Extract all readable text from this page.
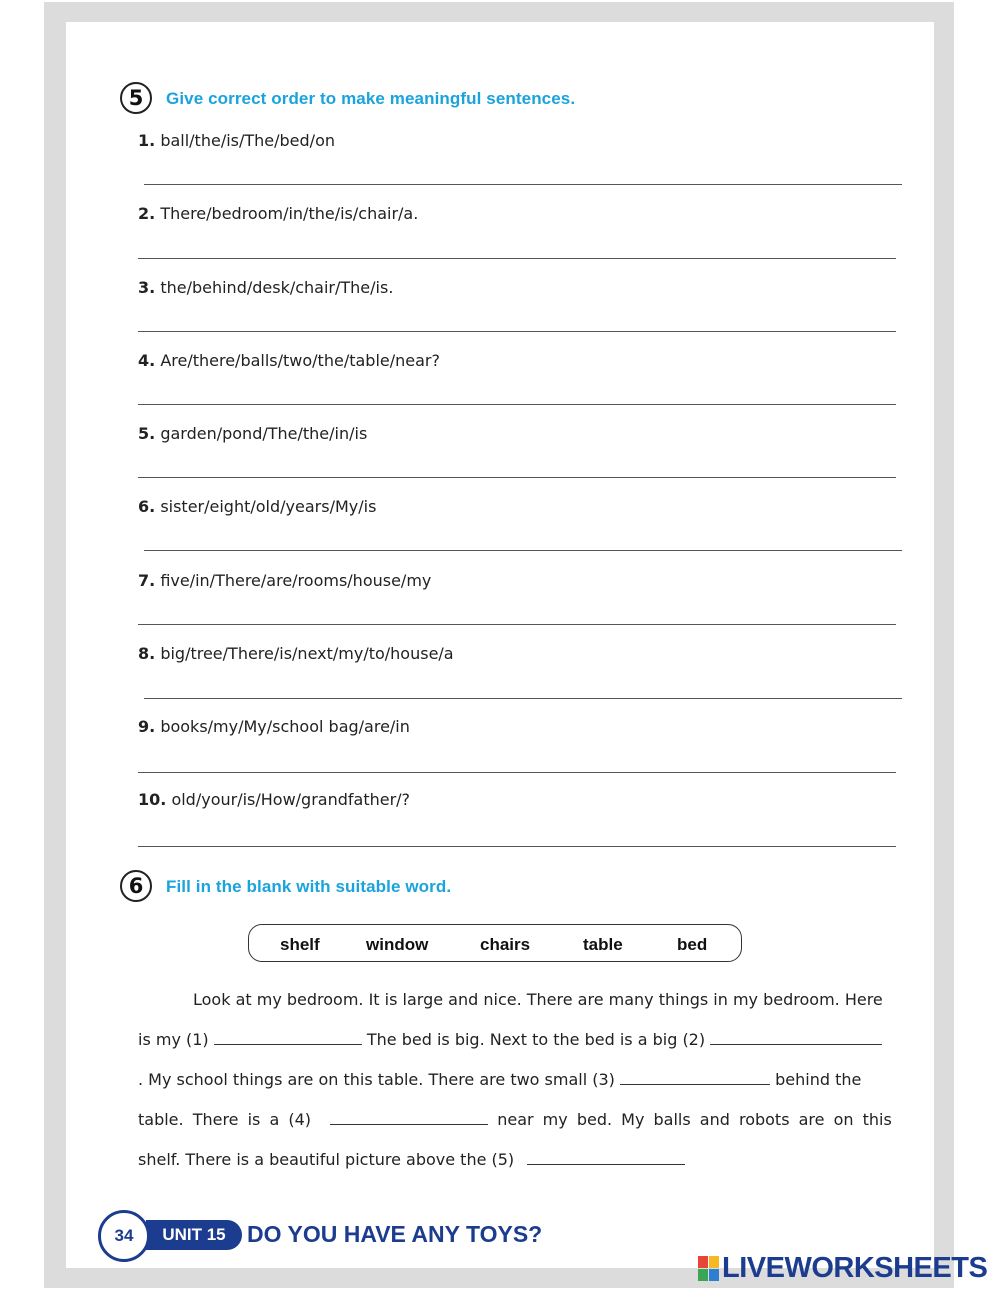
5	Give correct order to make meaningful sentences.
1. ball/the/is/The/bed/on
2. There/bedroom/in/the/is/chair/a.
3. the/behind/desk/chair/The/is.
4. Are/there/balls/two/the/table/near?
5. garden/pond/The/the/in/is
6. sister/eight/old/years/My/is
7. five/in/There/are/rooms/house/my
8. big/tree/There/is/next/my/to/house/a
9. books/my/My/school bag/are/in
10. old/your/is/How/grandfather/?
6	Fill in the blank with suitable word.
shelf	window	chairs	table	bed
Look at my bedroom. It is large and nice. There are many things in my bedroom. Here
is my (1)	The bed is big. Next to the bed is a big (2)
. My school things are on this table. There are two small (3)	behind the
table. There is a (4)	near my bed. My balls and robots are on this
shelf. There is a beautiful picture above the (5)
UNIT 15
34	DO YOU HAVE ANY TOYS?
LIVEWORKSHEETS
